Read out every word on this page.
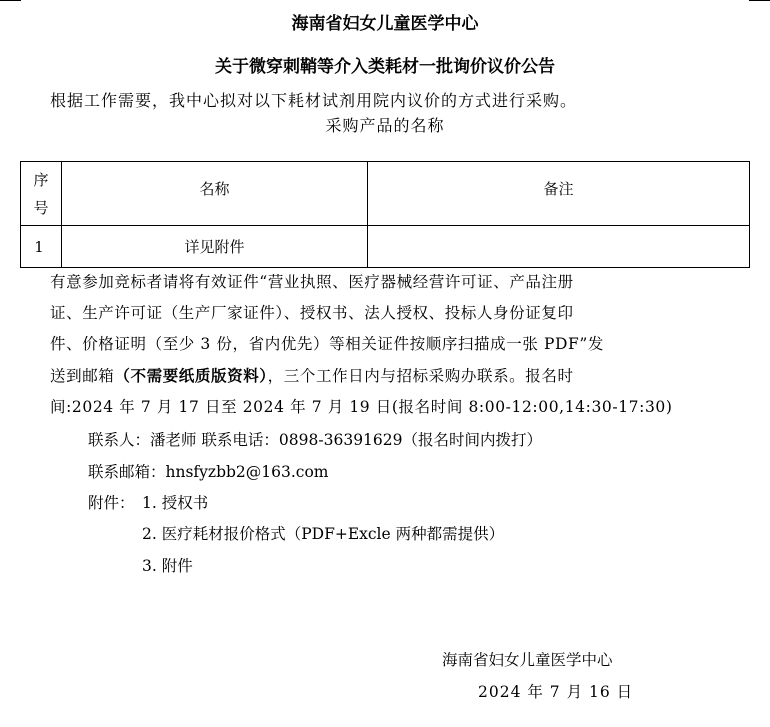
海南省妇女儿童医学中心
关于微穿刺鞘等介入类耗材一批询价议价公告
根据工作需要，我中心拟对以下耗材试剂用院内议价的方式进行采购。
采购产品的名称
序
号	名称	备注
1	详见附件	
有意参加竞标者请将有效证件“营业执照、医疗器械经营许可证、产品注册
证、生产许可证（生产厂家证件）、授权书、法人授权、投标人身份证复印
件、价格证明（至少 3 份，省内优先）等相关证件按顺序扫描成一张 PDF”发
送到邮箱（不需要纸质版资料），三个工作日内与招标采购办联系。报名时
间:2024 年 7 月 17 日至 2024 年 7 月 19 日(报名时间 8:00-12:00,14:30-17:30)
联系人：潘老师 联系电话：0898-36391629（报名时间内拨打）
联系邮箱：hnsfyzbb2@163.com
附件： 1. 授权书
2. 医疗耗材报价格式（PDF+Excle 两种都需提供）
3. 附件
海南省妇女儿童医学中心
2024 年 7 月 16 日
